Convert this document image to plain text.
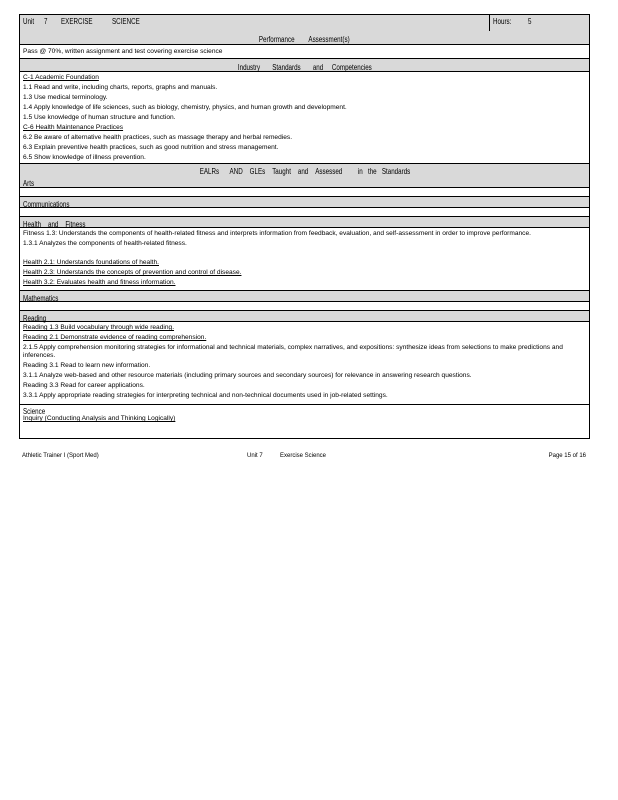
Unit 7 EXERCISE SCIENCE	Hours: 5
Performance Assessment(s)
Pass @ 70%, written assignment and test covering exercise science
Industry Standards and Competencies
C-1 Academic Foundation
1.1 Read and write, including charts, reports, graphs and manuals.
1.3 Use medical terminology.
1.4 Apply knowledge of life sciences, such as biology, chemistry, physics, and human growth and development.
1.5 Use knowledge of human structure and function.
C-6 Health Maintenance Practices
6.2 Be aware of alternative health practices, such as massage therapy and herbal remedies.
6.3 Explain preventive health practices, such as good nutrition and stress management.
6.5 Show knowledge of illness prevention.
EALRs AND GLEs Taught and Assessed in the Standards
Arts
Communications
Health and Fitness
Fitness 1.3: Understands the components of health-related fitness and interprets information from feedback, evaluation, and self-assessment in order to improve performance.
1.3.1 Analyzes the components of health-related fitness.
Health 2.1: Understands foundations of health.
Health 2.3: Understands the concepts of prevention and control of disease.
Health 3.2: Evaluates health and fitness information.
Mathematics
Reading
Reading 1.3 Build vocabulary through wide reading.
Reading 2.1 Demonstrate evidence of reading comprehension.
2.1.5 Apply comprehension monitoring strategies for informational and technical materials, complex narratives, and expositions: synthesize ideas from selections to make predictions and inferences.
Reading 3.1 Read to learn new information.
3.1.1 Analyze web-based and other resource materials (including primary sources and secondary sources) for relevance in answering research questions.
Reading 3.3 Read for career applications.
3.3.1 Apply appropriate reading strategies for interpreting technical and non-technical documents used in job-related settings.
Science
Inquiry (Conducting Analysis and Thinking Logically)
Athletic Trainer I (Sport Med)	Unit 7	Exercise Science	Page 15 of 16
